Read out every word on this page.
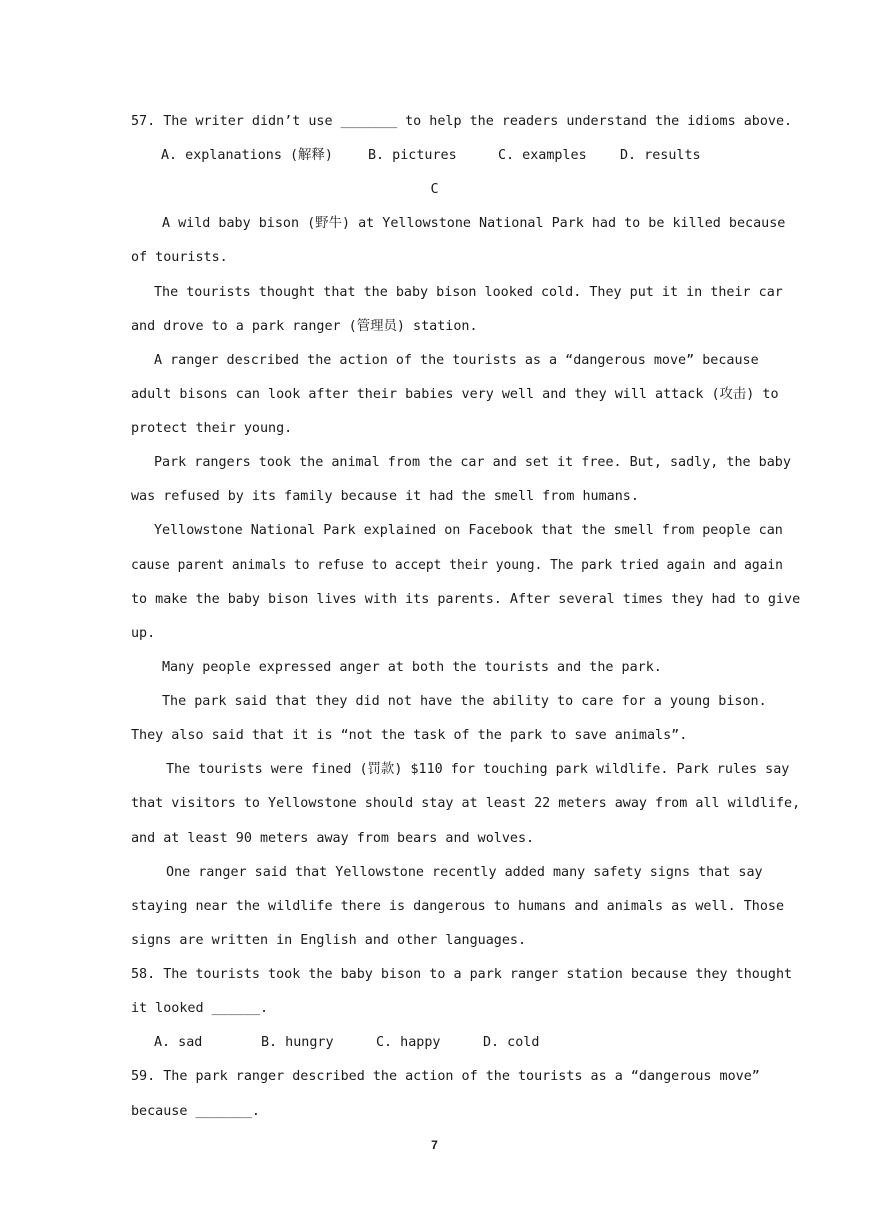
57. The writer didn’t use _______ to help the readers understand the idioms above.
A. explanations (解释)	B. pictures	C. examples D. results
C
A wild baby bison (野牛) at Yellowstone National Park had to be killed because
of tourists.
The tourists thought that the baby bison looked cold. They put it in their car
and drove to a park ranger (管理员) station.
A ranger described the action of the tourists as a “dangerous move” because
adult bisons can look after their babies very well and they will attack (攻击) to
protect their young.
Park rangers took the animal from the car and set it free. But, sadly, the baby
was refused by its family because it had the smell from humans.
Yellowstone National Park explained on Facebook that the smell from people can
cause parent animals to refuse to accept their young. The park tried again and again
to make the baby bison lives with its parents. After several times they had to give
up.
Many people expressed anger at both the tourists and the park.
The park said that they did not have the ability to care for a young bison.
They also said that it is “not the task of the park to save animals”.
The tourists were fined (罚款) $110 for touching park wildlife. Park rules say
that visitors to Yellowstone should stay at least 22 meters away from all wildlife,
and at least 90 meters away from bears and wolves.
One ranger said that Yellowstone recently added many safety signs that say
staying near the wildlife there is dangerous to humans and animals as well. Those
signs are written in English and other languages.
58. The tourists took the baby bison to a park ranger station because they thought
it looked ______.
A. sad	B. hungry	C. happy	D. cold
59. The park ranger described the action of the tourists as a “dangerous move”
because _______.
7
